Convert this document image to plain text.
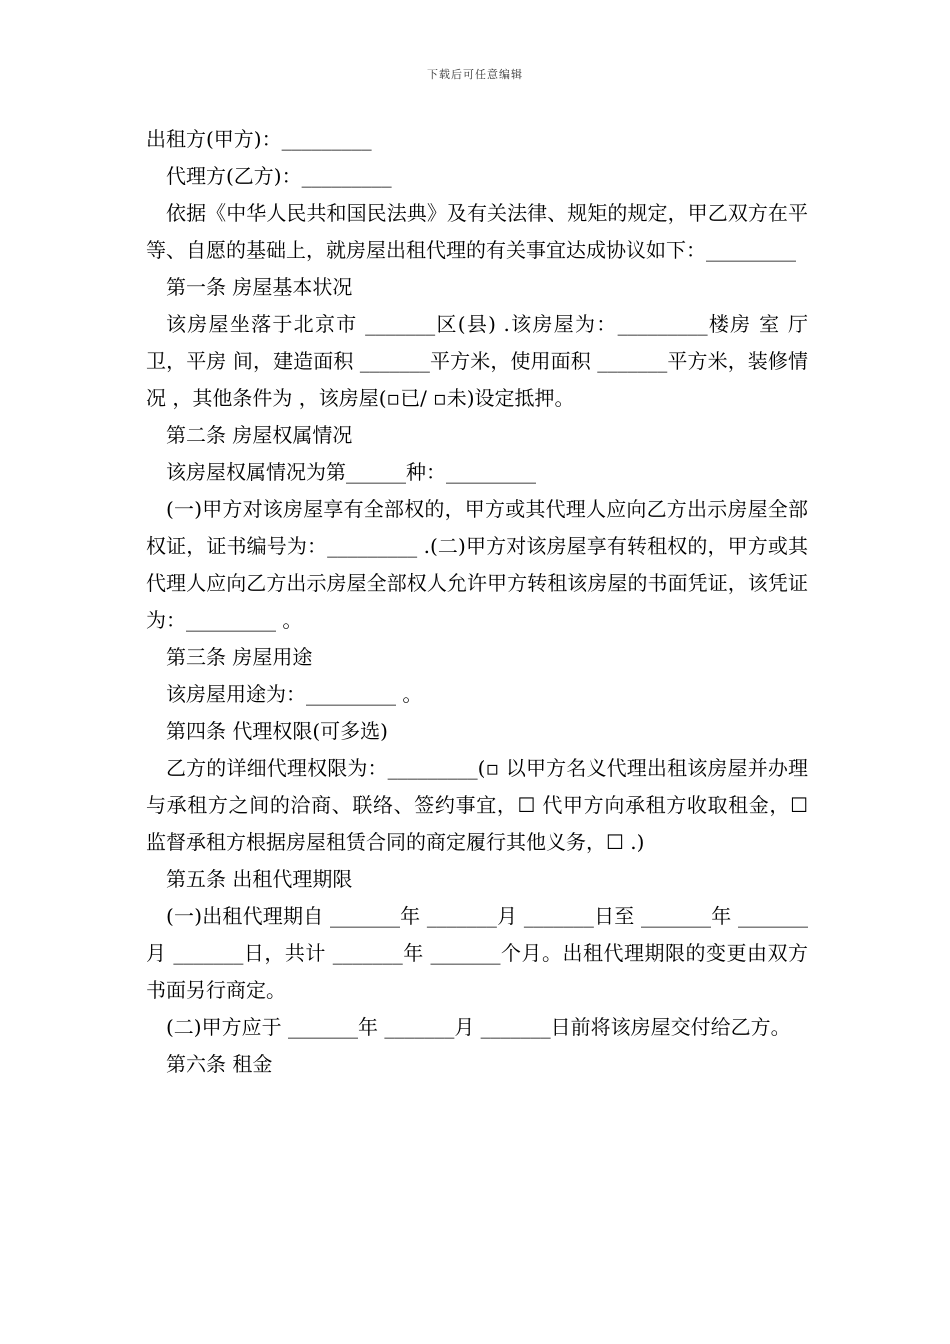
下载后可任意编辑

出租方(甲方)：_________

代理方(乙方)：_________

依据《中华人民共和国民法典》及有关法律、规矩的规定，甲乙双方在平等、自愿的基础上，就房屋出租代理的有关事宜达成协议如下：_________

第一条 房屋基本状况

该房屋坐落于北京市 _______区(县) .该房屋为：_________楼房 室 厅 卫，平房 间，建造面积 _______平方米，使用面积 _______平方米，装修情况 ，其他条件为 ，该房屋(▫已/ ▫未)设定抵押。

第二条 房屋权属情况

该房屋权属情况为第______种：_________

(一)甲方对该房屋享有全部权的，甲方或其代理人应向乙方出示房屋全部权证，证书编号为：_________ .(二)甲方对该房屋享有转租权的，甲方或其代理人应向乙方出示房屋全部权人允许甲方转租该房屋的书面凭证，该凭证为：_________ 。

第三条 房屋用途

该房屋用途为：_________ 。

第四条 代理权限(可多选)

乙方的详细代理权限为：_________(▫ 以甲方名义代理出租该房屋并办理与承租方之间的洽商、联络、签约事宜，☐ 代甲方向承租方收取租金，☐ 监督承租方根据房屋租赁合同的商定履行其他义务，☐ .)

第五条 出租代理期限

(一)出租代理期自 _______年 _______月 _______日至 _______年 _______月 _______日，共计 _______年 _______个月。出租代理期限的变更由双方书面另行商定。

(二)甲方应于 _______年 _______月 _______日前将该房屋交付给乙方。

第六条 租金
